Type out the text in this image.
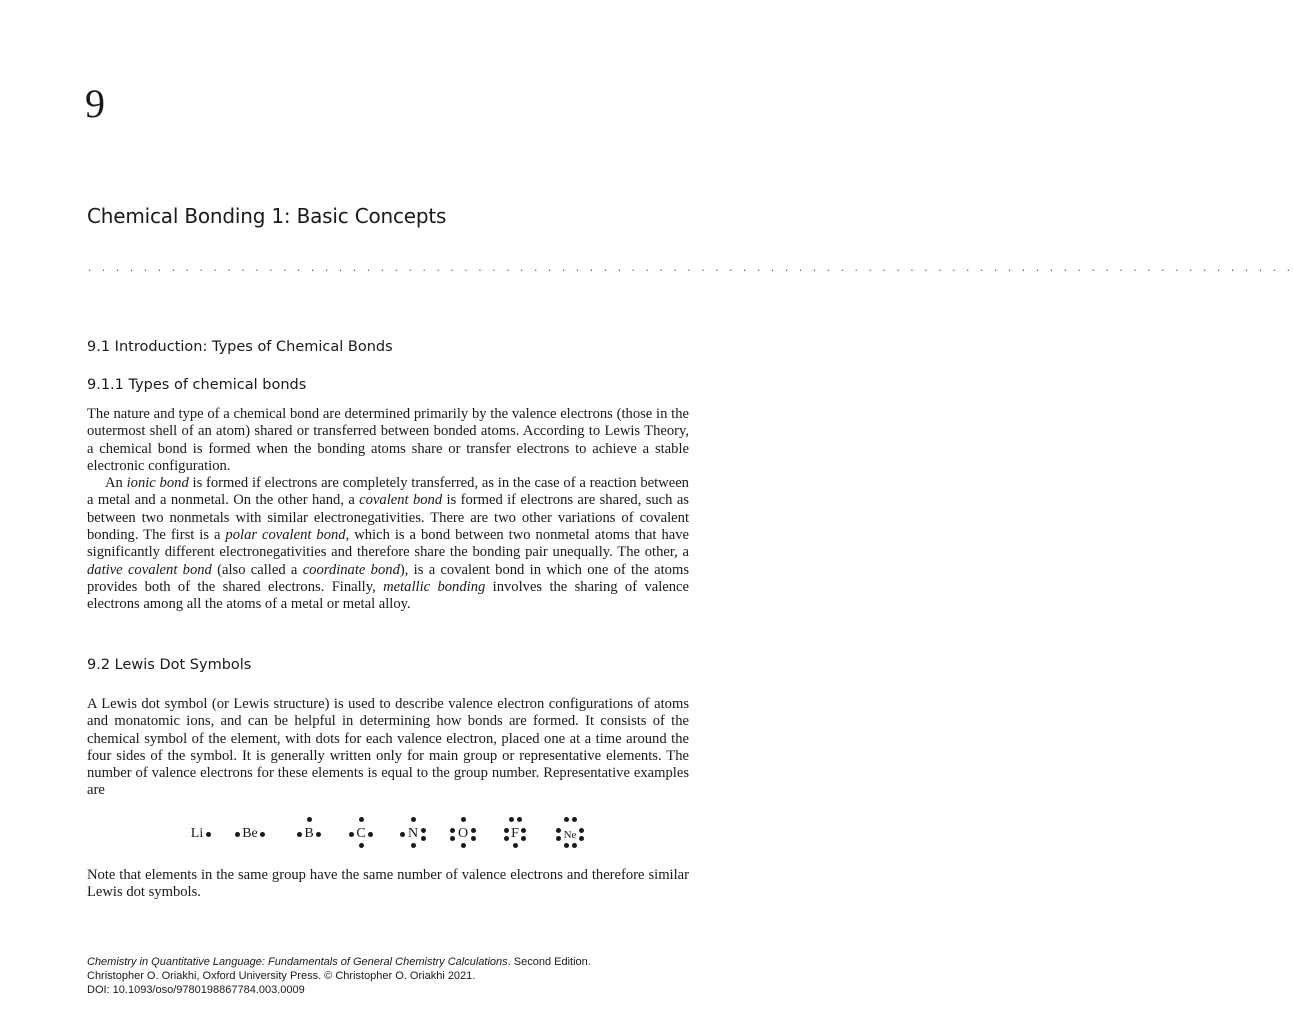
9
Chemical Bonding 1: Basic Concepts
. . . . . . . . . . . . . . . . . . . . . . . . . . . . . . . . . . . . . . . . . . . . . . . . . . . . . . . . . . . . . . . . . . . . . . . . . . . . . . . . . . . . . . .
9.1 Introduction: Types of Chemical Bonds
9.1.1 Types of chemical bonds

The nature and type of a chemical bond are determined primarily by the valence electrons (those in the outermost shell of an atom) shared or transferred between bonded atoms. According to Lewis Theory, a chemical bond is formed when the bonding atoms share or transfer electrons to achieve a stable electronic configuration.

An ionic bond is formed if electrons are completely transferred, as in the case of a reaction between a metal and a nonmetal. On the other hand, a covalent bond is formed if electrons are shared, such as between two nonmetals with similar electronegativities. There are two other variations of covalent bonding. The first is a polar covalent bond, which is a bond between two nonmetal atoms that have significantly different electronegativities and therefore share the bonding pair unequally. The other, a dative covalent bond (also called a coordinate bond), is a covalent bond in which one of the atoms provides both of the shared electrons. Finally, metallic bonding involves the sharing of valence electrons among all the atoms of a metal or metal alloy.

9.2 Lewis Dot Symbols

A Lewis dot symbol (or Lewis structure) is used to describe valence electron configurations of atoms and monatomic ions, and can be helpful in determining how bonds are formed. It consists of the chemical symbol of the element, with dots for each valence electron, placed one at a time around the four sides of the symbol. It is generally written only for main group or representative elements. The number of valence electrons for these elements is equal to the group number. Representative examples are

Li	Be	B	C	N	O	F	Ne

Note that elements in the same group have the same number of valence electrons and therefore similar Lewis dot symbols.

Chemistry in Quantitative Language: Fundamentals of General Chemistry Calculations. Second Edition.
Christopher O. Oriakhi, Oxford University Press. © Christopher O. Oriakhi 2021.
DOI: 10.1093/oso/9780198867784.003.0009
